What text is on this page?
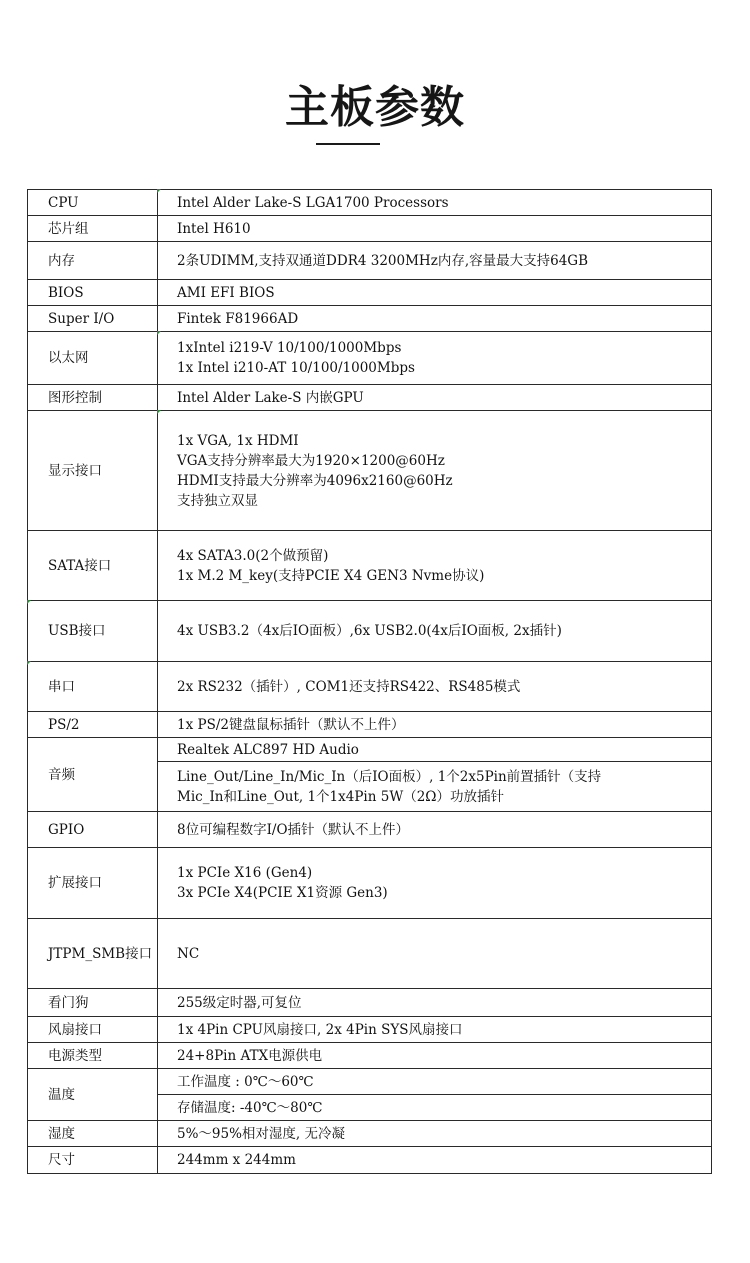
主板参数
CPU	Intel Alder Lake-S LGA1700 Processors

芯片组	Intel H610

内存	2条UDIMM,支持双通道DDR4 3200MHz内存,容量最大支持64GB

BIOS	AMI EFI BIOS

Super I/O	Fintek F81966AD

以太网	1xIntel i219-V 10/100/1000Mbps
1x Intel i210-AT 10/100/1000Mbps

图形控制	Intel Alder Lake-S 内嵌GPU

显示接口	1x VGA, 1x HDMI
VGA支持分辨率最大为1920×1200@60Hz
HDMI支持最大分辨率为4096x2160@60Hz
支持独立双显

SATA接口	4x SATA3.0(2个做预留)
1x M.2 M_key(支持PCIE X4 GEN3 Nvme协议)

USB接口	4x USB3.2（4x后IO面板）,6x USB2.0(4x后IO面板, 2x插针)

串口	2x RS232（插针）, COM1还支持RS422、RS485模式

PS/2	1x PS/2键盘鼠标插针（默认不上件）

音频	Realtek ALC897 HD Audio

	Line_Out/Line_In/Mic_In（后IO面板）, 1个2x5Pin前置插针（支持
Mic_In和Line_Out, 1个1x4Pin 5W（2Ω）功放插针

GPIO	8位可编程数字I/O插针（默认不上件）

扩展接口	1x PCIe X16 (Gen4)
3x PCIe X4(PCIE X1资源 Gen3)

JTPM_SMB接口	NC

看门狗	255级定时器,可复位

风扇接口	1x 4Pin CPU风扇接口, 2x 4Pin SYS风扇接口

电源类型	24+8Pin ATX电源供电

温度	工作温度 : 0℃～60℃

	存储温度: -40℃～80℃

湿度	5%～95%相对湿度, 无冷凝

尺寸	244mm x 244mm
